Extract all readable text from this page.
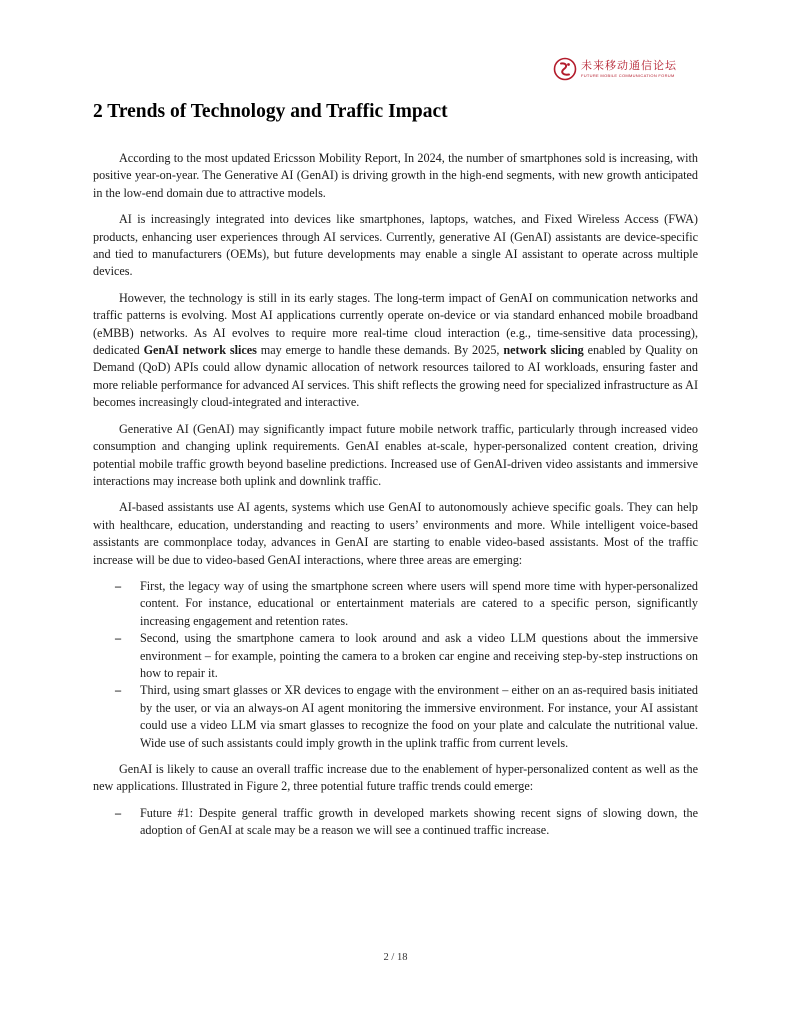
未来移动通信论坛
FUTURE MOBILE COMMUNICATION FORUM
2 Trends of Technology and Traffic Impact

According to the most updated Ericsson Mobility Report, In 2024, the number of smartphones sold is increasing, with positive year-on-year. The Generative AI (GenAI) is driving growth in the high-end segments, with new growth anticipated in the low-end domain due to attractive models.

AI is increasingly integrated into devices like smartphones, laptops, watches, and Fixed Wireless Access (FWA) products, enhancing user experiences through AI services. Currently, generative AI (GenAI) assistants are device-specific and tied to manufacturers (OEMs), but future developments may enable a single AI assistant to operate across multiple devices.

However, the technology is still in its early stages. The long-term impact of GenAI on communication networks and traffic patterns is evolving. Most AI applications currently operate on-device or via standard enhanced mobile broadband (eMBB) networks. As AI evolves to require more real-time cloud interaction (e.g., time-sensitive data processing), dedicated GenAI network slices may emerge to handle these demands. By 2025, network slicing enabled by Quality on Demand (QoD) APIs could allow dynamic allocation of network resources tailored to AI workloads, ensuring faster and more reliable performance for advanced AI services. This shift reflects the growing need for specialized infrastructure as AI becomes increasingly cloud-integrated and interactive.

Generative AI (GenAI) may significantly impact future mobile network traffic, particularly through increased video consumption and changing uplink requirements. GenAI enables at-scale, hyper-personalized content creation, driving potential mobile traffic growth beyond baseline predictions. Increased use of GenAI-driven video assistants and immersive interactions may increase both uplink and downlink traffic.

AI-based assistants use AI agents, systems which use GenAI to autonomously achieve specific goals. They can help with healthcare, education, understanding and reacting to users’ environments and more. While intelligent voice-based assistants are commonplace today, advances in GenAI are starting to enable video-based assistants. Most of the traffic increase will be due to video-based GenAI interactions, where three areas are emerging:

– First, the legacy way of using the smartphone screen where users will spend more time with hyper-personalized content. For instance, educational or entertainment materials are catered to a specific person, significantly increasing engagement and retention rates.
– Second, using the smartphone camera to look around and ask a video LLM questions about the immersive environment – for example, pointing the camera to a broken car engine and receiving step-by-step instructions on how to repair it.
– Third, using smart glasses or XR devices to engage with the environment – either on an as-required basis initiated by the user, or via an always-on AI agent monitoring the immersive environment. For instance, your AI assistant could use a video LLM via smart glasses to recognize the food on your plate and calculate the nutritional value. Wide use of such assistants could imply growth in the uplink traffic from current levels.

GenAI is likely to cause an overall traffic increase due to the enablement of hyper-personalized content as well as the new applications. Illustrated in Figure 2, three potential future traffic trends could emerge:

– Future #1: Despite general traffic growth in developed markets showing recent signs of slowing down, the adoption of GenAI at scale may be a reason we will see a continued traffic increase.
2 / 18
